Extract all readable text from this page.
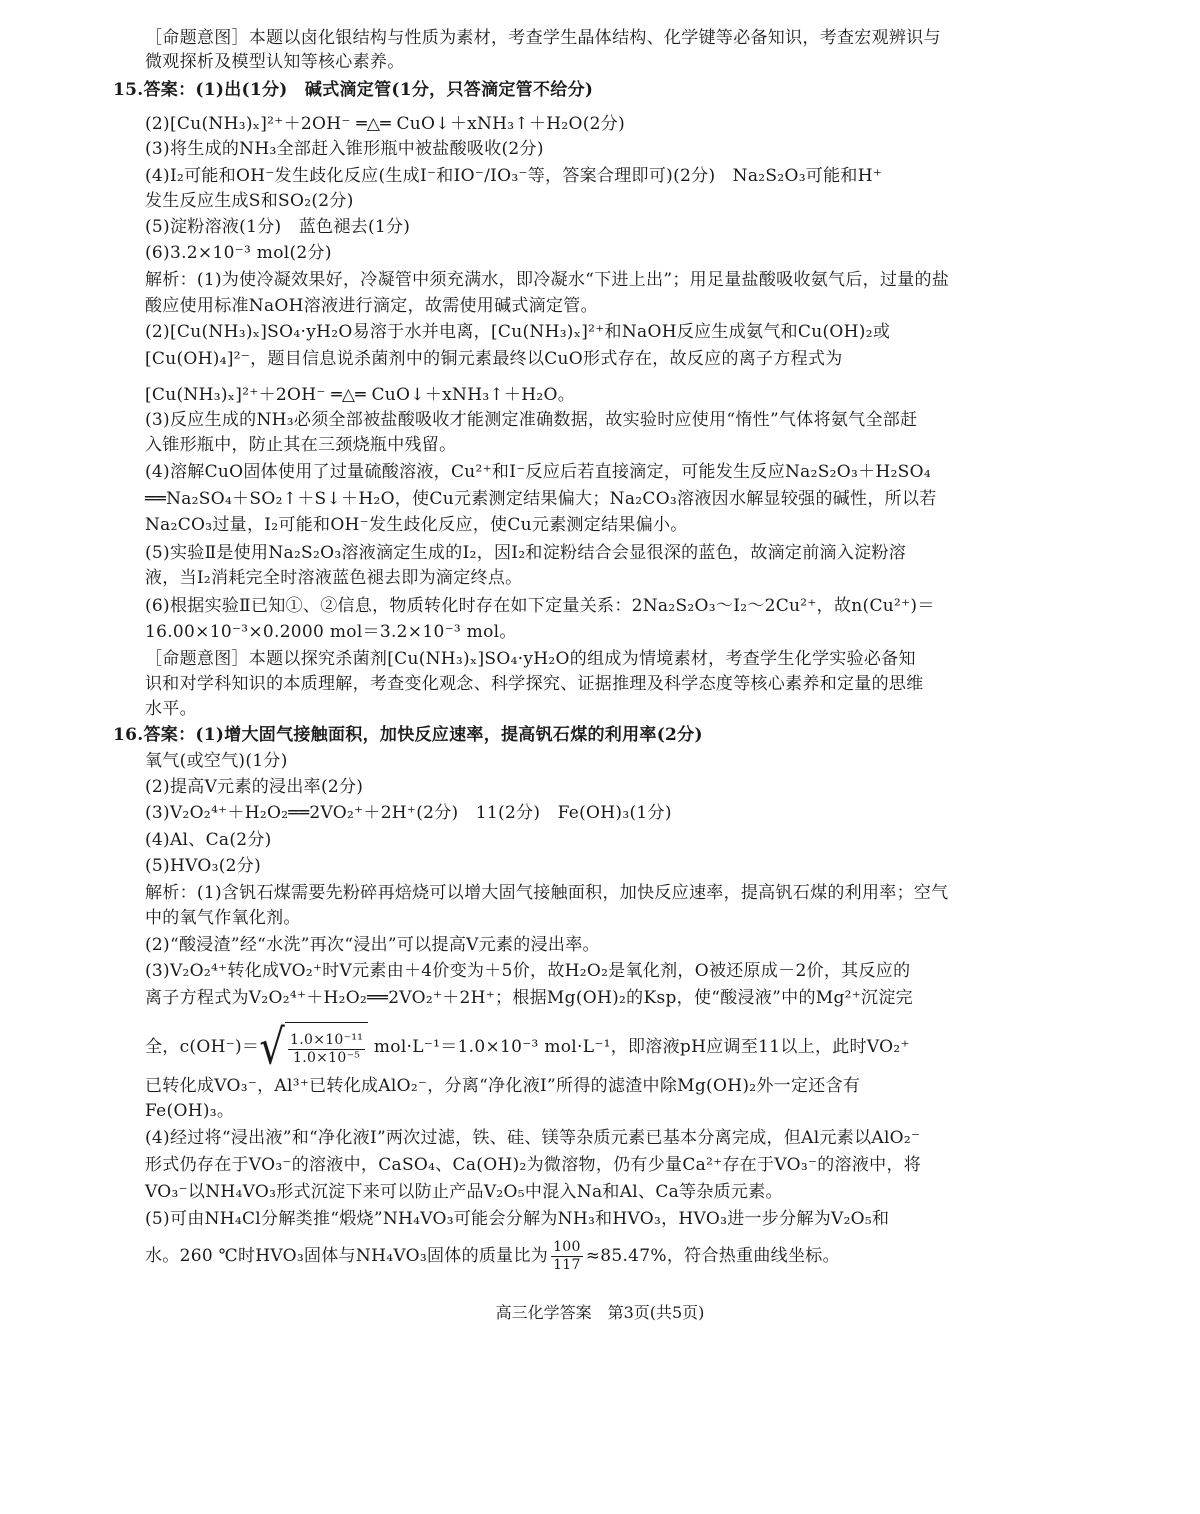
［命题意图］本题以卤化银结构与性质为素材，考查学生晶体结构、化学键等必备知识，考查宏观辨识与
微观探析及模型认知等核心素养。
15.答案：(1)出(1分)　碱式滴定管(1分，只答滴定管不给分)
(2)[Cu(NH₃)ₓ]²⁺＋2OH⁻ ═△═ CuO↓＋xNH₃↑＋H₂O(2分)
(3)将生成的NH₃全部赶入锥形瓶中被盐酸吸收(2分)
(4)I₂可能和OH⁻发生歧化反应(生成I⁻和IO⁻/IO₃⁻等，答案合理即可)(2分)　Na₂S₂O₃可能和H⁺
发生反应生成S和SO₂(2分)
(5)淀粉溶液(1分)　蓝色褪去(1分)
(6)3.2×10⁻³ mol(2分)
解析：(1)为使冷凝效果好，冷凝管中须充满水，即冷凝水“下进上出”；用足量盐酸吸收氨气后，过量的盐
酸应使用标准NaOH溶液进行滴定，故需使用碱式滴定管。
(2)[Cu(NH₃)ₓ]SO₄·yH₂O易溶于水并电离，[Cu(NH₃)ₓ]²⁺和NaOH反应生成氨气和Cu(OH)₂或
[Cu(OH)₄]²⁻，题目信息说杀菌剂中的铜元素最终以CuO形式存在，故反应的离子方程式为
[Cu(NH₃)ₓ]²⁺＋2OH⁻ ═△═ CuO↓＋xNH₃↑＋H₂O。
(3)反应生成的NH₃必须全部被盐酸吸收才能测定准确数据，故实验时应使用“惰性”气体将氨气全部赶
入锥形瓶中，防止其在三颈烧瓶中残留。
(4)溶解CuO固体使用了过量硫酸溶液，Cu²⁺和I⁻反应后若直接滴定，可能发生反应Na₂S₂O₃＋H₂SO₄
══Na₂SO₄＋SO₂↑＋S↓＋H₂O，使Cu元素测定结果偏大；Na₂CO₃溶液因水解显较强的碱性，所以若
Na₂CO₃过量，I₂可能和OH⁻发生歧化反应，使Cu元素测定结果偏小。
(5)实验Ⅱ是使用Na₂S₂O₃溶液滴定生成的I₂，因I₂和淀粉结合会显很深的蓝色，故滴定前滴入淀粉溶
液，当I₂消耗完全时溶液蓝色褪去即为滴定终点。
(6)根据实验Ⅱ已知①、②信息，物质转化时存在如下定量关系：2Na₂S₂O₃～I₂～2Cu²⁺，故n(Cu²⁺)＝
16.00×10⁻³×0.2000 mol＝3.2×10⁻³ mol。
［命题意图］本题以探究杀菌剂[Cu(NH₃)ₓ]SO₄·yH₂O的组成为情境素材，考查学生化学实验必备知
识和对学科知识的本质理解，考查变化观念、科学探究、证据推理及科学态度等核心素养和定量的思维
水平。
16.答案：(1)增大固气接触面积，加快反应速率，提高钒石煤的利用率(2分)
氧气(或空气)(1分)
(2)提高V元素的浸出率(2分)
(3)V₂O₂⁴⁺＋H₂O₂══2VO₂⁺＋2H⁺(2分)　11(2分)　Fe(OH)₃(1分)
(4)Al、Ca(2分)
(5)HVO₃(2分)
解析：(1)含钒石煤需要先粉碎再焙烧可以增大固气接触面积，加快反应速率，提高钒石煤的利用率；空气
中的氧气作氧化剂。
(2)“酸浸渣”经“水洗”再次“浸出”可以提高V元素的浸出率。
(3)V₂O₂⁴⁺转化成VO₂⁺时V元素由＋4价变为＋5价，故H₂O₂是氧化剂，O被还原成－2价，其反应的
离子方程式为V₂O₂⁴⁺＋H₂O₂══2VO₂⁺＋2H⁺；根据Mg(OH)₂的Ksp，使“酸浸液”中的Mg²⁺沉淀完
全，$c(OH^-)=√ \frac{\text{1.0×10⁻¹¹}}{\text{1.0×10⁻⁵}} mol\cdot L^{-1}=1.0\times 10^{-3}$ mol·L⁻¹，即溶液pH应调至11以上，此时VO₂⁺
已转化成VO₃⁻，Al³⁺已转化成AlO₂⁻，分离“净化液Ⅰ”所得的滤渣中除Mg(OH)₂外一定还含有
Fe(OH)₃。
(4)经过将“浸出液”和“净化液Ⅰ”两次过滤，铁、硅、镁等杂质元素已基本分离完成，但Al元素以AlO₂⁻
形式仍存在于VO₃⁻的溶液中，CaSO₄、Ca(OH)₂为微溶物，仍有少量Ca²⁺存在于VO₃⁻的溶液中，将
VO₃⁻以NH₄VO₃形式沉淀下来可以防止产品V₂O₅中混入Na和Al、Ca等杂质元素。
(5)可由NH₄Cl分解类推“煅烧”NH₄VO₃可能会分解为NH₃和HVO₃，HVO₃进一步分解为V₂O₅和
水。260 ℃时HVO₃固体与NH₄VO₃固体的质量比为 $\frac{100}{117} \approx 85.47\%$，符合热重曲线坐标。
高三化学答案　第3页(共5页)
